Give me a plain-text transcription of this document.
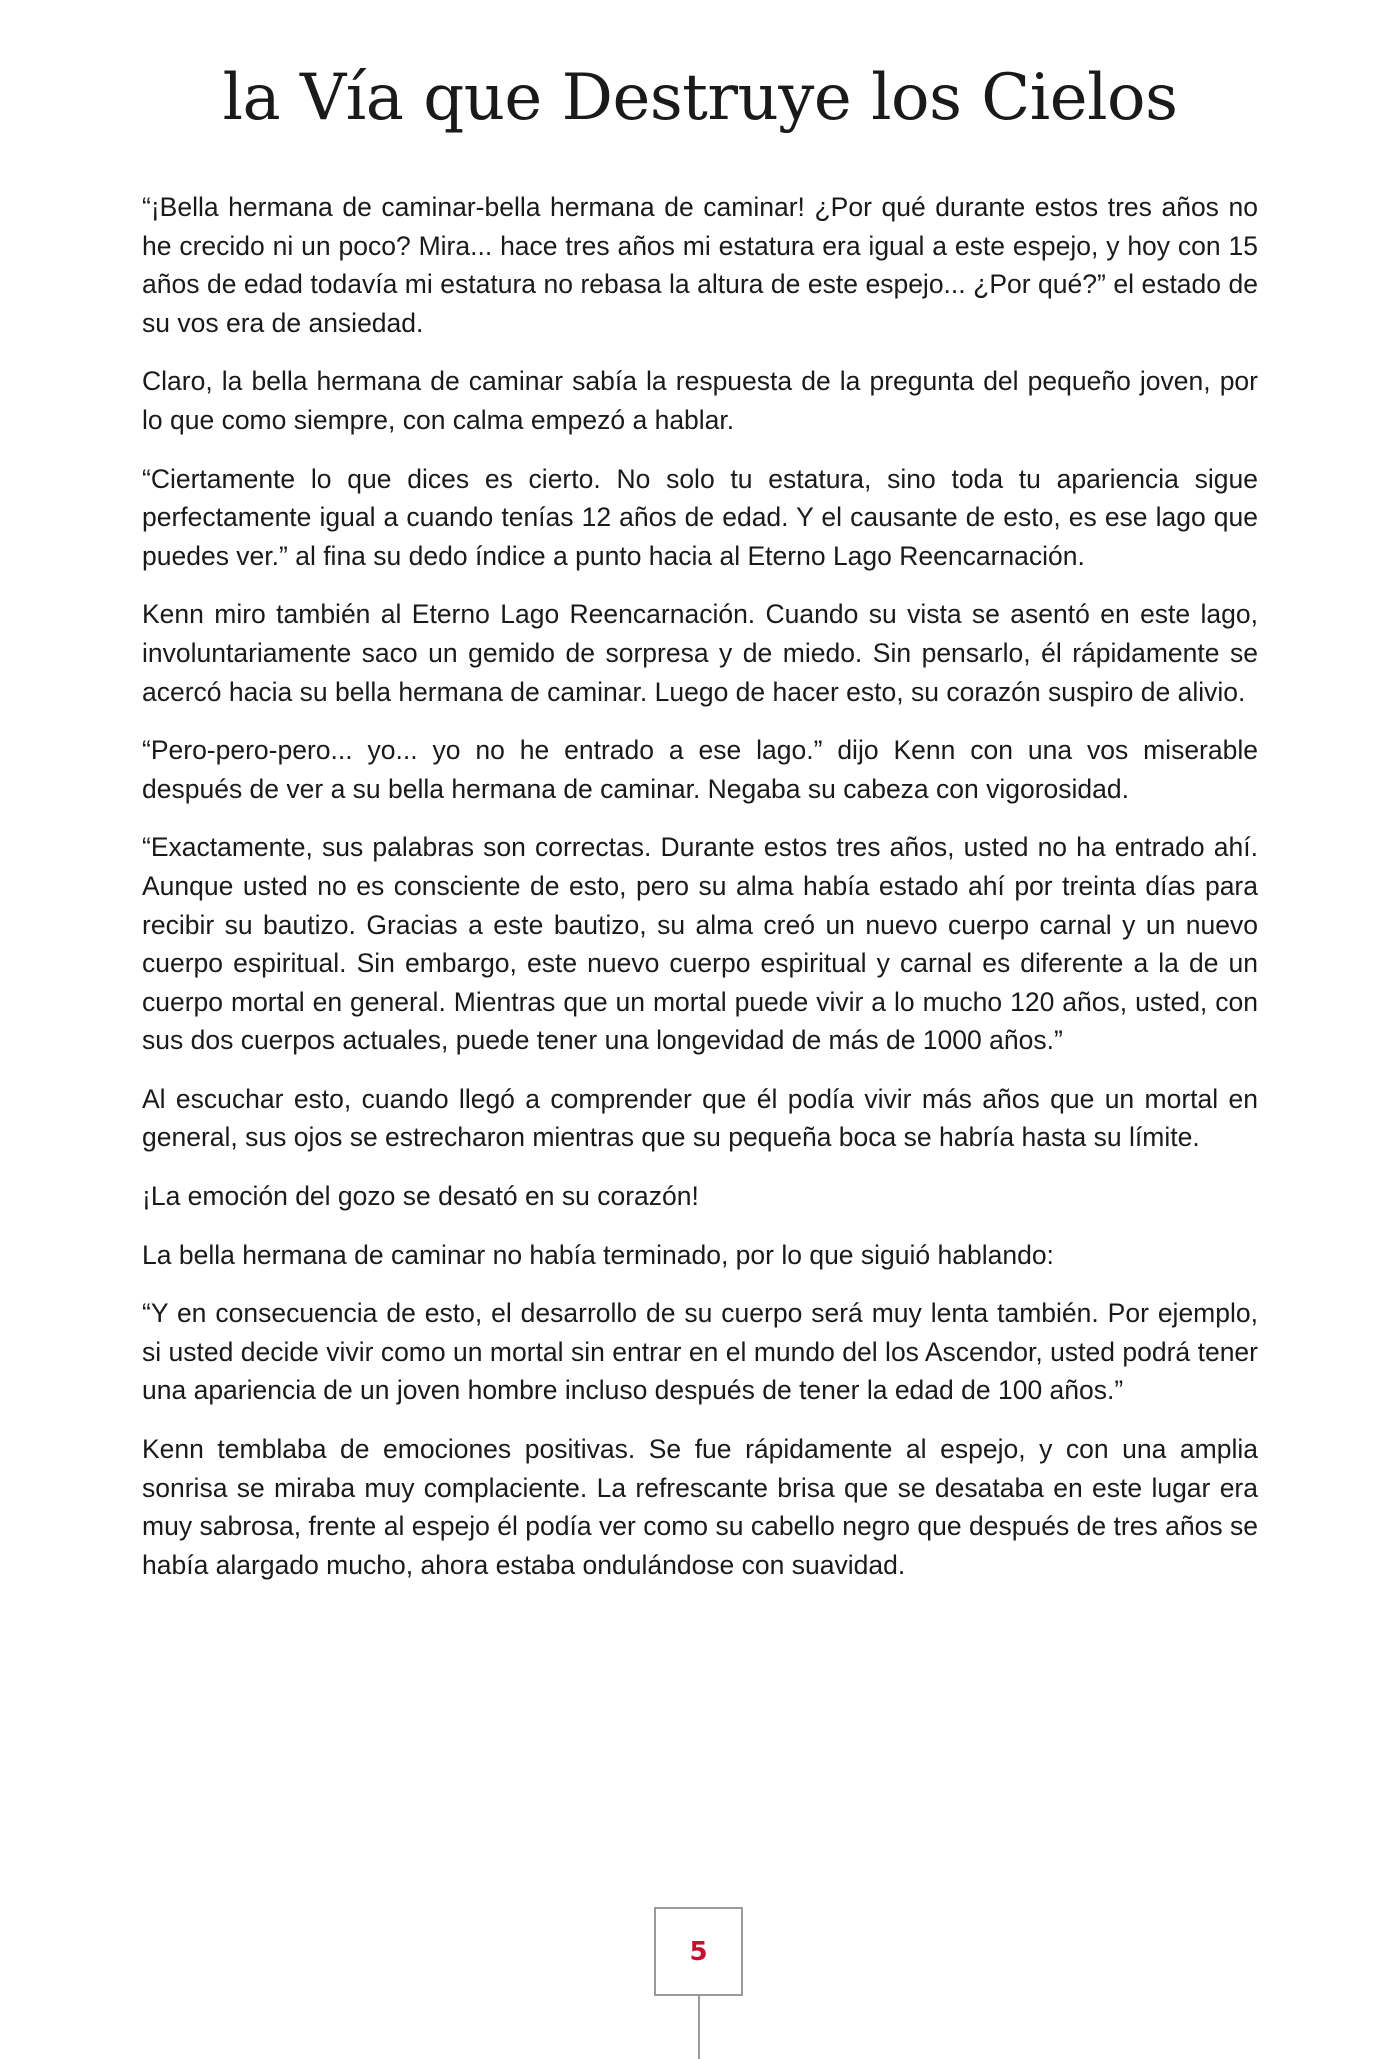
la Vía que Destruye los Cielos

“¡Bella hermana de caminar-bella hermana de caminar! ¿Por qué durante estos tres años no he crecido ni un poco? Mira... hace tres años mi estatura era igual a este espejo, y hoy con 15 años de edad todavía mi estatura no rebasa la altura de este espejo... ¿Por qué?” el estado de su vos era de ansiedad.

Claro, la bella hermana de caminar sabía la respuesta de la pregunta del pequeño joven, por lo que como siempre, con calma empezó a hablar.

“Ciertamente lo que dices es cierto. No solo tu estatura, sino toda tu apariencia sigue perfectamente igual a cuando tenías 12 años de edad. Y el causante de esto, es ese lago que puedes ver.” al fina su dedo índice a punto hacia al Eterno Lago Reencarnación.

Kenn miro también al Eterno Lago Reencarnación. Cuando su vista se asentó en este lago, involuntariamente saco un gemido de sorpresa y de miedo. Sin pensarlo, él rápidamente se acercó hacia su bella hermana de caminar. Luego de hacer esto, su corazón suspiro de alivio.

“Pero-pero-pero... yo... yo no he entrado a ese lago.” dijo Kenn con una vos miserable después de ver a su bella hermana de caminar. Negaba su cabeza con vigorosidad.

“Exactamente, sus palabras son correctas. Durante estos tres años, usted no ha entrado ahí. Aunque usted no es consciente de esto, pero su alma había estado ahí por treinta días para recibir su bautizo. Gracias a este bautizo, su alma creó un nuevo cuerpo carnal y un nuevo cuerpo espiritual. Sin embargo, este nuevo cuerpo espiritual y carnal es diferente a la de un cuerpo mortal en general. Mientras que un mortal puede vivir a lo mucho 120 años, usted, con sus dos cuerpos actuales, puede tener una longevidad de más de 1000 años.”

Al escuchar esto, cuando llegó a comprender que él podía vivir más años que un mortal en general, sus ojos se estrecharon mientras que su pequeña boca se habría hasta su límite.

¡La emoción del gozo se desató en su corazón!

La bella hermana de caminar no había terminado, por lo que siguió hablando:

“Y en consecuencia de esto, el desarrollo de su cuerpo será muy lenta también. Por ejemplo, si usted decide vivir como un mortal sin entrar en el mundo del los Ascendor, usted podrá tener una apariencia de un joven hombre incluso después de tener la edad de 100 años.”

Kenn temblaba de emociones positivas. Se fue rápidamente al espejo, y con una amplia sonrisa se miraba muy complaciente. La refrescante brisa que se desataba en este lugar era muy sabrosa, frente al espejo él podía ver como su cabello negro que después de tres años se había alargado mucho, ahora estaba ondulándose con suavidad.

5
